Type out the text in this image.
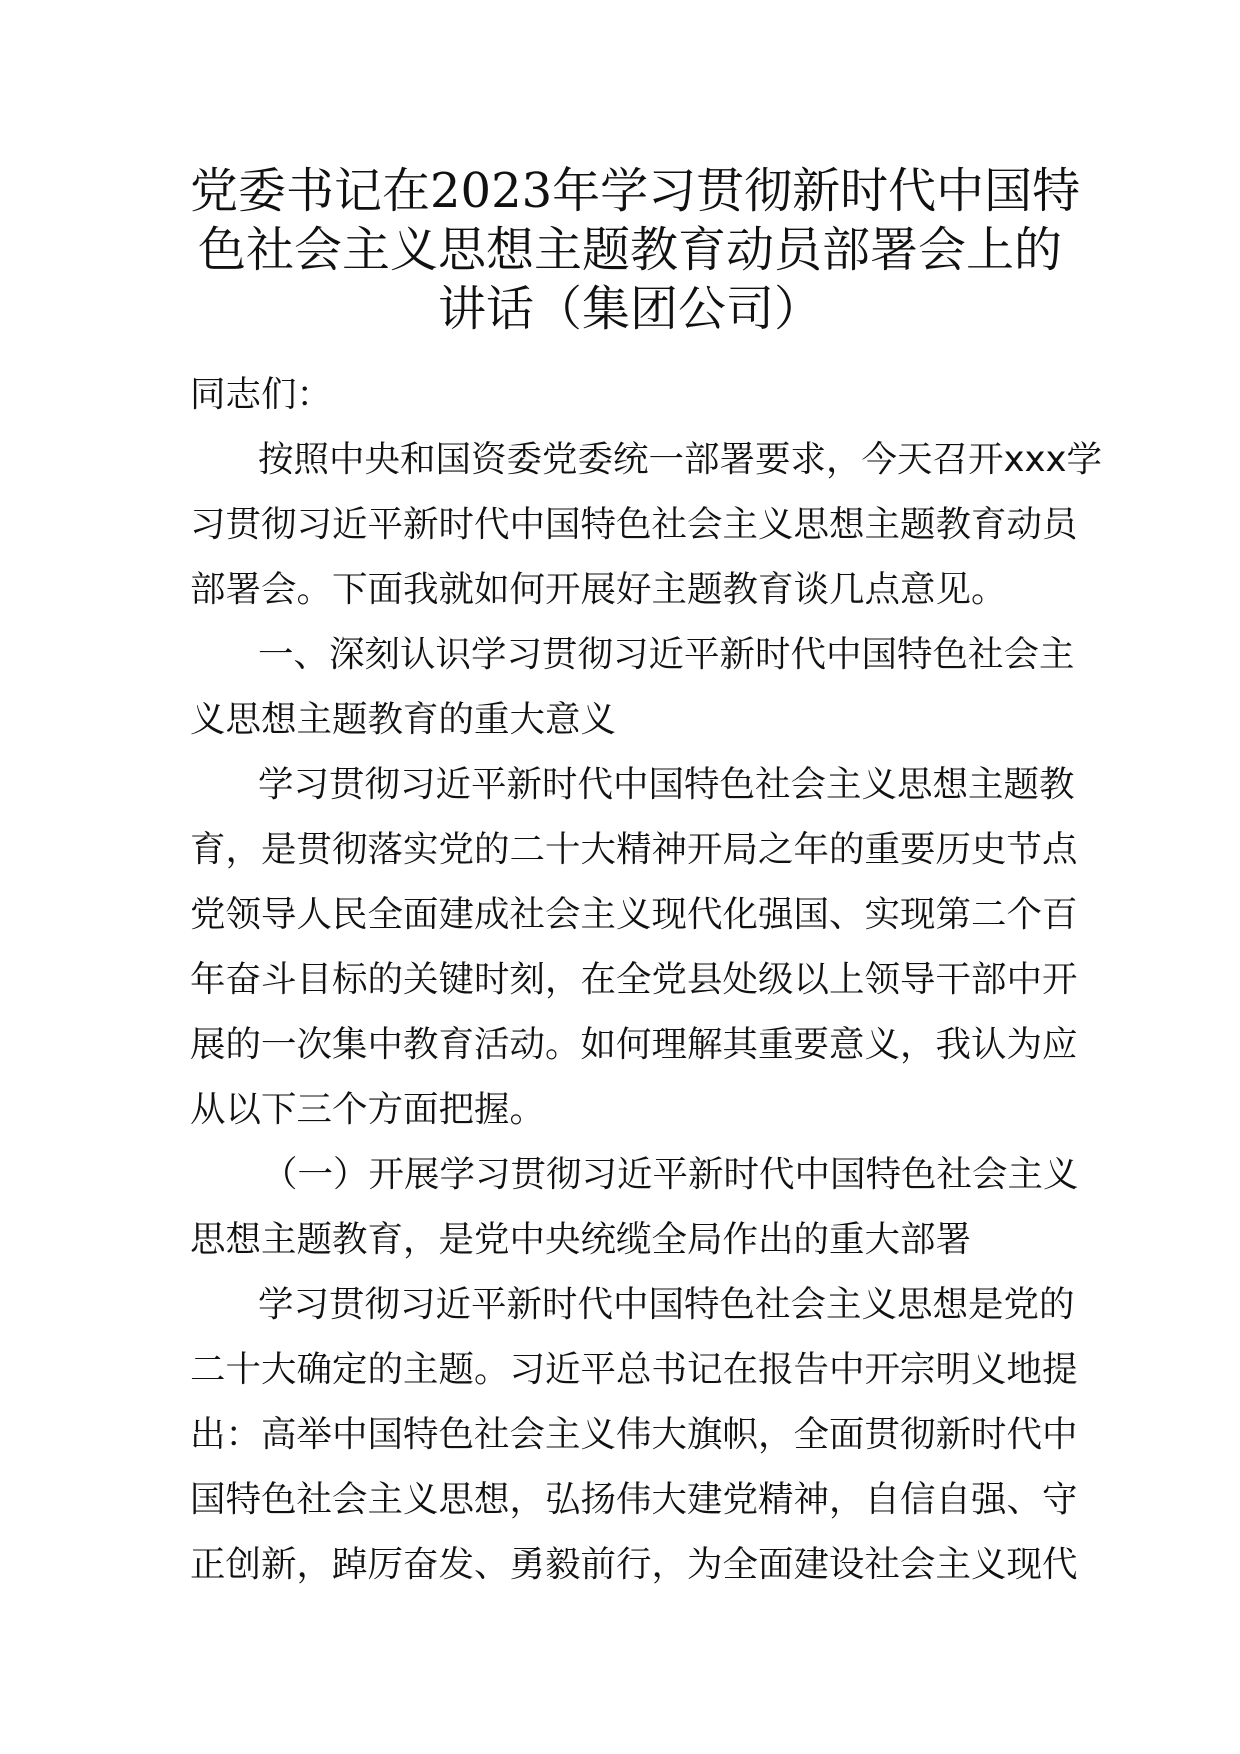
党委书记在2023年学习贯彻新时代中国特
色社会主义思想主题教育动员部署会上的
讲话（集团公司）
同志们：
按照中央和国资委党委统一部署要求，今天召开xxx学
习贯彻习近平新时代中国特色社会主义思想主题教育动员
部署会。下面我就如何开展好主题教育谈几点意见。
一、深刻认识学习贯彻习近平新时代中国特色社会主
义思想主题教育的重大意义
学习贯彻习近平新时代中国特色社会主义思想主题教
育，是贯彻落实党的二十大精神开局之年的重要历史节点
党领导人民全面建成社会主义现代化强国、实现第二个百
年奋斗目标的关键时刻，在全党县处级以上领导干部中开
展的一次集中教育活动。如何理解其重要意义，我认为应
从以下三个方面把握。
（一）开展学习贯彻习近平新时代中国特色社会主义
思想主题教育，是党中央统缆全局作出的重大部署
学习贯彻习近平新时代中国特色社会主义思想是党的
二十大确定的主题。习近平总书记在报告中开宗明义地提
出：高举中国特色社会主义伟大旗帜，全面贯彻新时代中
国特色社会主义思想，弘扬伟大建党精神，自信自强、守
正创新，踔厉奋发、勇毅前行，为全面建设社会主义现代
